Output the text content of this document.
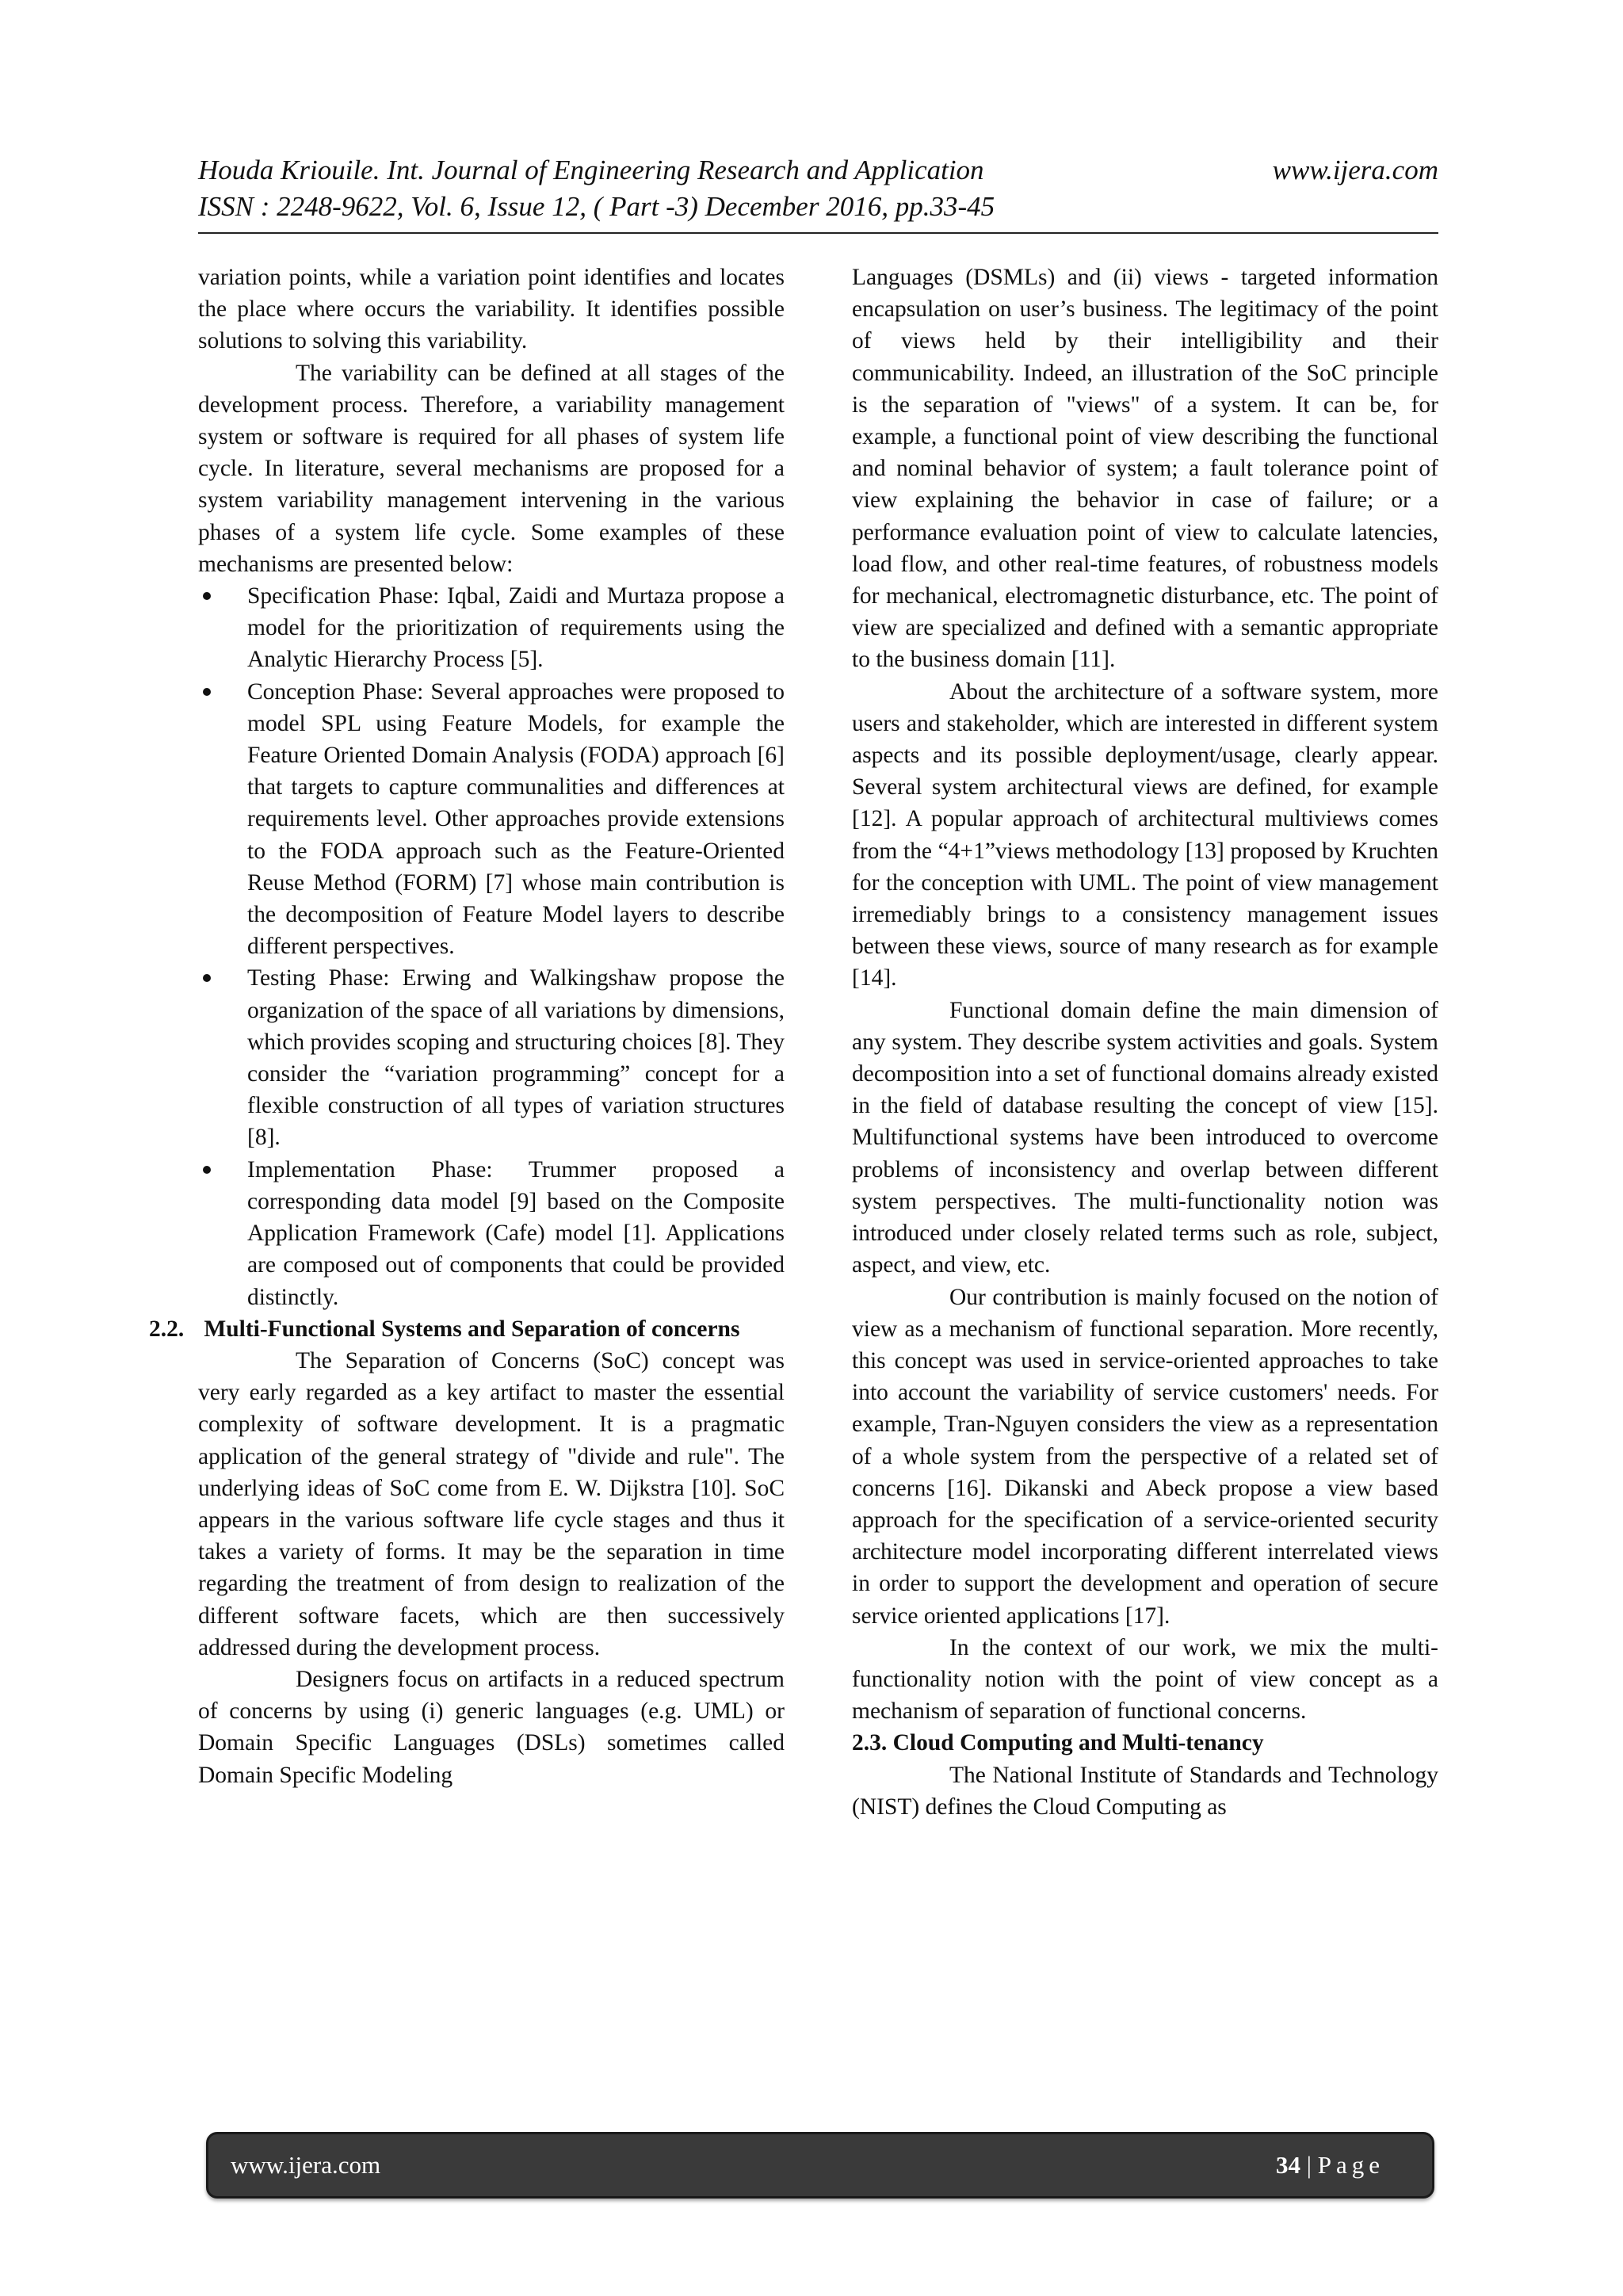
Houda Kriouile. Int. Journal of Engineering Research and Application	www.ijera.com
ISSN : 2248-9622, Vol. 6, Issue 12, ( Part -3) December 2016, pp.33-45

variation points, while a variation point identifies and locates the place where occurs the variability. It identifies possible solutions to solving this variability.

The variability can be defined at all stages of the development process. Therefore, a variability management system or software is required for all phases of system life cycle. In literature, several mechanisms are proposed for a system variability management intervening in the various phases of a system life cycle. Some examples of these mechanisms are presented below:

Specification Phase: Iqbal, Zaidi and Murtaza propose a model for the prioritization of requirements using the Analytic Hierarchy Process [5].
Conception Phase: Several approaches were proposed to model SPL using Feature Models, for example the Feature Oriented Domain Analysis (FODA) approach [6] that targets to capture communalities and differences at requirements level. Other approaches provide extensions to the FODA approach such as the Feature-Oriented Reuse Method (FORM) [7] whose main contribution is the decomposition of Feature Model layers to describe different perspectives.
Testing Phase: Erwing and Walkingshaw propose the organization of the space of all variations by dimensions, which provides scoping and structuring choices [8]. They consider the “variation programming” concept for a flexible construction of all types of variation structures [8].
Implementation Phase: Trummer proposed a corresponding data model [9] based on the Composite Application Framework (Cafe) model [1]. Applications are composed out of components that could be provided distinctly.

2.2. Multi-Functional Systems and Separation of concerns

The Separation of Concerns (SoC) concept was very early regarded as a key artifact to master the essential complexity of software development. It is a pragmatic application of the general strategy of "divide and rule". The underlying ideas of SoC come from E. W. Dijkstra [10]. SoC appears in the various software life cycle stages and thus it takes a variety of forms. It may be the separation in time regarding the treatment of from design to realization of the different software facets, which are then successively addressed during the development process.

Designers focus on artifacts in a reduced spectrum of concerns by using (i) generic languages (e.g. UML) or Domain Specific Languages (DSLs) sometimes called Domain Specific Modeling

Languages (DSMLs) and (ii) views - targeted information encapsulation on user’s business. The legitimacy of the point of views held by their intelligibility and their communicability. Indeed, an illustration of the SoC principle is the separation of "views" of a system. It can be, for example, a functional point of view describing the functional and nominal behavior of system; a fault tolerance point of view explaining the behavior in case of failure; or a performance evaluation point of view to calculate latencies, load flow, and other real-time features, of robustness models for mechanical, electromagnetic disturbance, etc. The point of view are specialized and defined with a semantic appropriate to the business domain [11].

About the architecture of a software system, more users and stakeholder, which are interested in different system aspects and its possible deployment/usage, clearly appear. Several system architectural views are defined, for example [12]. A popular approach of architectural multiviews comes from the “4+1”views methodology [13] proposed by Kruchten for the conception with UML. The point of view management irremediably brings to a consistency management issues between these views, source of many research as for example [14].

Functional domain define the main dimension of any system. They describe system activities and goals. System decomposition into a set of functional domains already existed in the field of database resulting the concept of view [15]. Multifunctional systems have been introduced to overcome problems of inconsistency and overlap between different system perspectives. The multi-functionality notion was introduced under closely related terms such as role, subject, aspect, and view, etc.

Our contribution is mainly focused on the notion of view as a mechanism of functional separation. More recently, this concept was used in service-oriented approaches to take into account the variability of service customers' needs. For example, Tran-Nguyen considers the view as a representation of a whole system from the perspective of a related set of concerns [16]. Dikanski and Abeck propose a view based approach for the specification of a service-oriented security architecture model incorporating different interrelated views in order to support the development and operation of secure service oriented applications [17].

In the context of our work, we mix the multi-functionality notion with the point of view concept as a mechanism of separation of functional concerns.

2.3. Cloud Computing and Multi-tenancy

The National Institute of Standards and Technology (NIST) defines the Cloud Computing as

www.ijera.com	34 | Page
